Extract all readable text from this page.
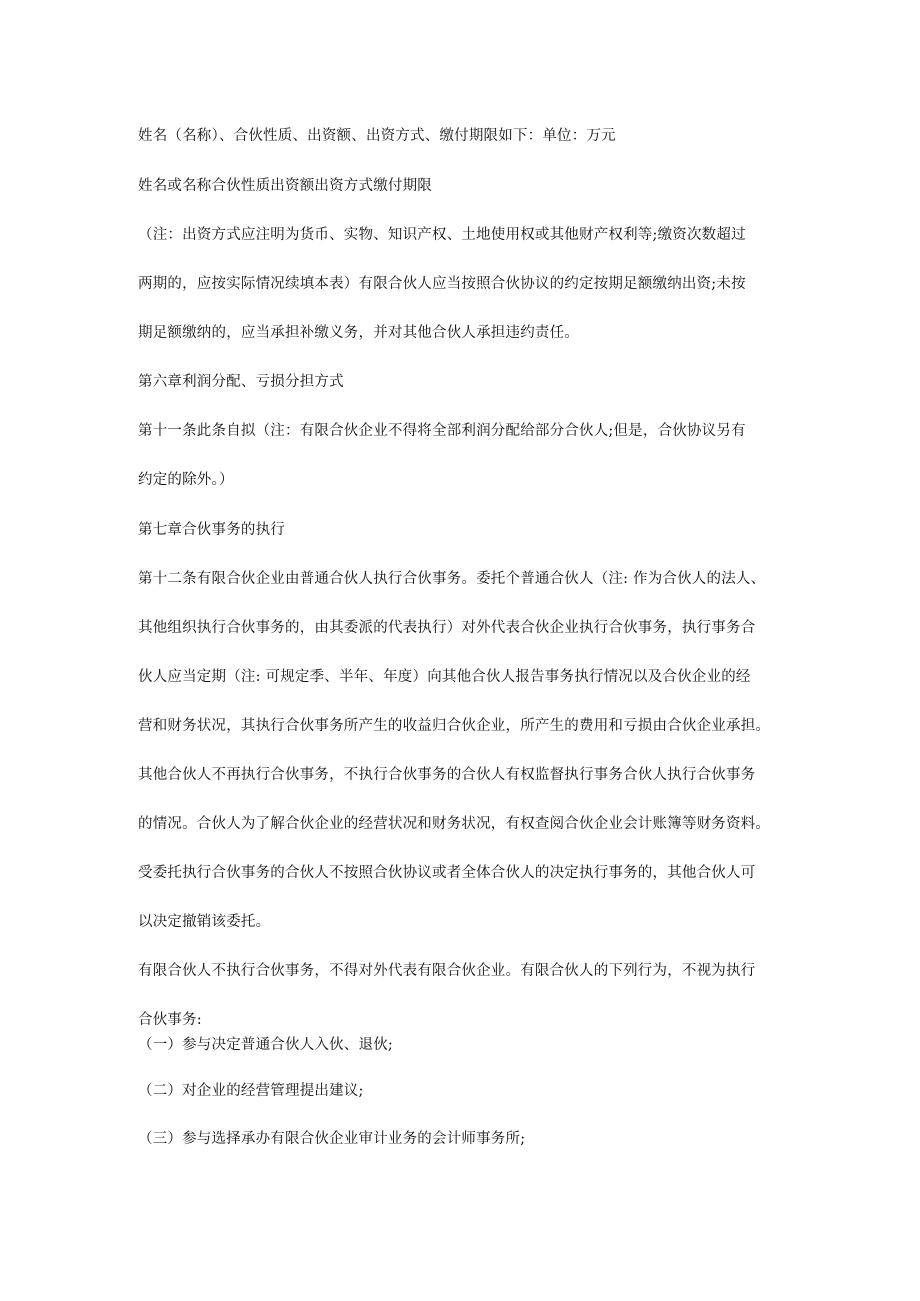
姓名（名称）、合伙性质、出资额、出资方式、缴付期限如下：单位：万元

姓名或名称合伙性质出资额出资方式缴付期限

（注：出资方式应注明为货币、实物、知识产权、土地使用权或其他财产权利等;缴资次数超过

两期的，应按实际情况续填本表）有限合伙人应当按照合伙协议的约定按期足额缴纳出资;未按

期足额缴纳的，应当承担补缴义务，并对其他合伙人承担违约责任。

第六章利润分配、亏损分担方式

第十一条此条自拟（注：有限合伙企业不得将全部利润分配给部分合伙人;但是，合伙协议另有

约定的除外。）

第七章合伙事务的执行

第十二条有限合伙企业由普通合伙人执行合伙事务。委托个普通合伙人（注: 作为合伙人的法人、

其他组织执行合伙事务的，由其委派的代表执行）对外代表合伙企业执行合伙事务，执行事务合

伙人应当定期（注: 可规定季、半年、年度）向其他合伙人报告事务执行情况以及合伙企业的经

营和财务状况，其执行合伙事务所产生的收益归合伙企业，所产生的费用和亏损由合伙企业承担。

其他合伙人不再执行合伙事务，不执行合伙事务的合伙人有权监督执行事务合伙人执行合伙事务

的情况。合伙人为了解合伙企业的经营状况和财务状况，有权查阅合伙企业会计账簿等财务资料。

受委托执行合伙事务的合伙人不按照合伙协议或者全体合伙人的决定执行事务的，其他合伙人可

以决定撤销该委托。

有限合伙人不执行合伙事务，不得对外代表有限合伙企业。有限合伙人的下列行为，不视为执行

合伙事务:

（一）参与决定普通合伙人入伙、退伙;

（二）对企业的经营管理提出建议;

（三）参与选择承办有限合伙企业审计业务的会计师事务所;
